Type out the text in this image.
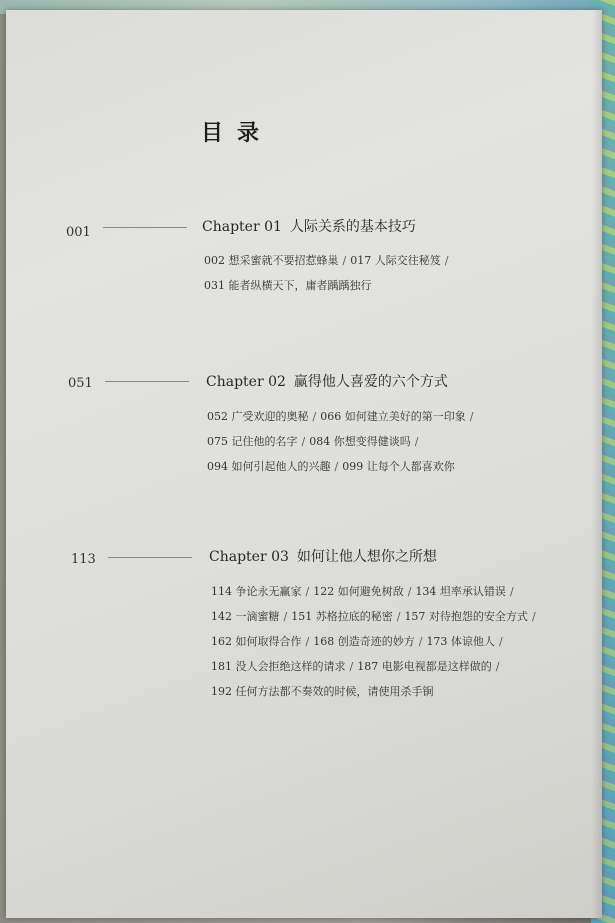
目录
001	Chapter 01 人际关系的基本技巧
002 想采蜜就不要招惹蜂巢 / 017 人际交往秘笈 /
031 能者纵横天下，庸者踽踽独行
051	Chapter 02 赢得他人喜爱的六个方式
052 广受欢迎的奥秘 / 066 如何建立美好的第一印象 /
075 记住他的名字 / 084 你想变得健谈吗 /
094 如何引起他人的兴趣 / 099 让每个人都喜欢你
113	Chapter 03 如何让他人想你之所想
114 争论永无赢家 / 122 如何避免树敌 / 134 坦率承认错误 /
142 一滴蜜糖 / 151 苏格拉底的秘密 / 157 对待抱怨的安全方式 /
162 如何取得合作 / 168 创造奇迹的妙方 / 173 体谅他人 /
181 没人会拒绝这样的请求 / 187 电影电视都是这样做的 /
192 任何方法都不奏效的时候，请使用杀手锏
